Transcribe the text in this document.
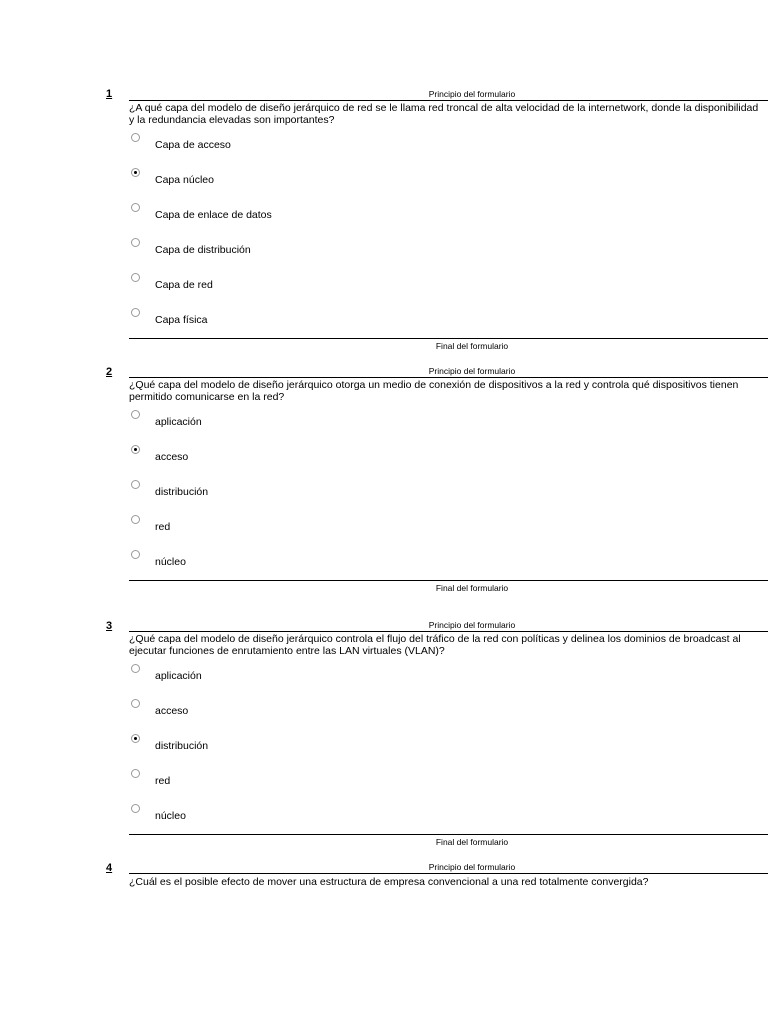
1	Principio del formulario
¿A qué capa del modelo de diseño jerárquico de red se le llama red troncal de alta velocidad de la internetwork, donde la disponibilidad
y la redundancia elevadas son importantes?
Capa de acceso
Capa núcleo
Capa de enlace de datos
Capa de distribución
Capa de red
Capa física
Final del formulario
2	Principio del formulario
¿Qué capa del modelo de diseño jerárquico otorga un medio de conexión de dispositivos a la red y controla qué dispositivos tienen
permitido comunicarse en la red?
aplicación
acceso
distribución
red
núcleo
Final del formulario
3	Principio del formulario
¿Qué capa del modelo de diseño jerárquico controla el flujo del tráfico de la red con políticas y delinea los dominios de broadcast al
ejecutar funciones de enrutamiento entre las LAN virtuales (VLAN)?
aplicación
acceso
distribución
red
núcleo
Final del formulario
4	Principio del formulario
¿Cuál es el posible efecto de mover una estructura de empresa convencional a una red totalmente convergida?
